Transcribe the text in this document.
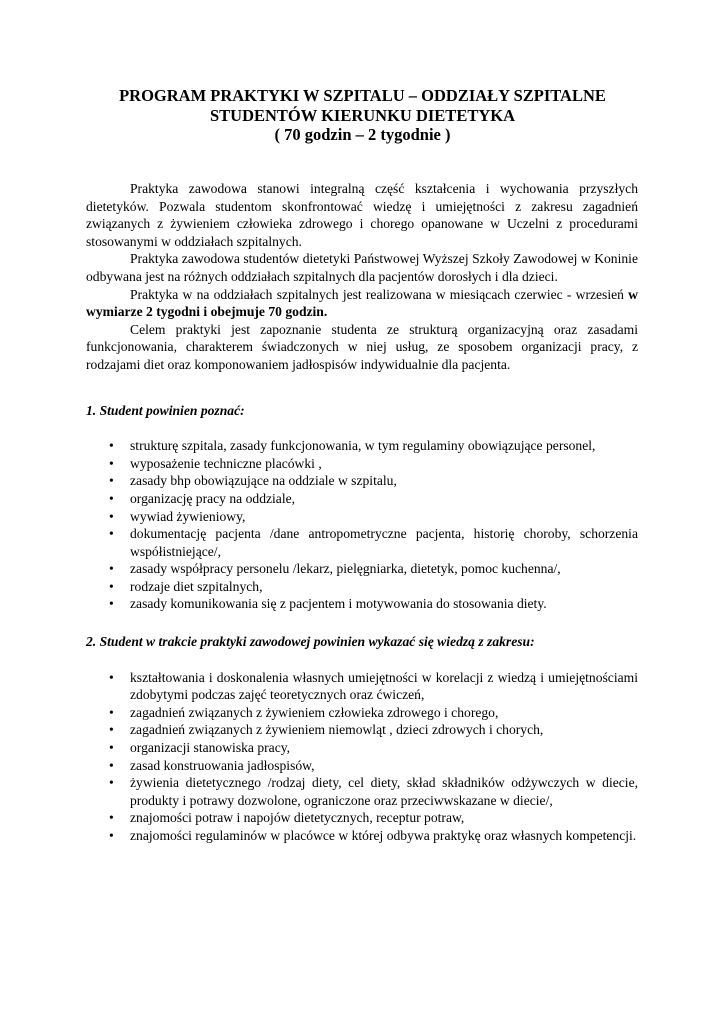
PROGRAM PRAKTYKI W SZPITALU – ODDZIAŁY SZPITALNE
STUDENTÓW KIERUNKU DIETETYKA
( 70 godzin – 2 tygodnie )

Praktyka zawodowa stanowi integralną część kształcenia i wychowania przyszłych dietetyków. Pozwala studentom skonfrontować wiedzę i umiejętności z zakresu zagadnień związanych z żywieniem człowieka zdrowego i chorego opanowane w Uczelni z procedurami stosowanymi w oddziałach szpitalnych.

Praktyka zawodowa studentów dietetyki Państwowej Wyższej Szkoły Zawodowej w Koninie odbywana jest na różnych oddziałach szpitalnych dla pacjentów dorosłych i dla dzieci.

Praktyka w na oddziałach szpitalnych jest realizowana w miesiącach czerwiec - wrzesień w wymiarze 2 tygodni i obejmuje 70 godzin.

Celem praktyki jest zapoznanie studenta ze strukturą organizacyjną oraz zasadami funkcjonowania, charakterem świadczonych w niej usług, ze sposobem organizacji pracy, z rodzajami diet oraz komponowaniem jadłospisów indywidualnie dla pacjenta.

1. Student powinien poznać:
• strukturę szpitala, zasady funkcjonowania, w tym regulaminy obowiązujące personel,
• wyposażenie techniczne placówki ,
• zasady bhp obowiązujące na oddziale w szpitalu,
• organizację pracy na oddziale,
• wywiad żywieniowy,
• dokumentację pacjenta /dane antropometryczne pacjenta, historię choroby, schorzenia współistniejące/,
• zasady współpracy personelu /lekarz, pielęgniarka, dietetyk, pomoc kuchenna/,
• rodzaje diet szpitalnych,
• zasady komunikowania się z pacjentem i motywowania do stosowania diety.
2. Student w trakcie praktyki zawodowej powinien wykazać się wiedzą z zakresu:
• kształtowania i doskonalenia własnych umiejętności w korelacji z wiedzą i umiejętnościami zdobytymi podczas zajęć teoretycznych oraz ćwiczeń,
• zagadnień związanych z żywieniem człowieka zdrowego i chorego,
• zagadnień związanych z żywieniem niemowląt , dzieci zdrowych i chorych,
• organizacji stanowiska pracy,
• zasad konstruowania jadłospisów,
• żywienia dietetycznego /rodzaj diety, cel diety, skład składników odżywczych w diecie, produkty i potrawy dozwolone, ograniczone oraz przeciwwskazane w diecie/,
• znajomości potraw i napojów dietetycznych, receptur potraw,
• znajomości regulaminów w placówce w której odbywa praktykę oraz własnych kompetencji.
